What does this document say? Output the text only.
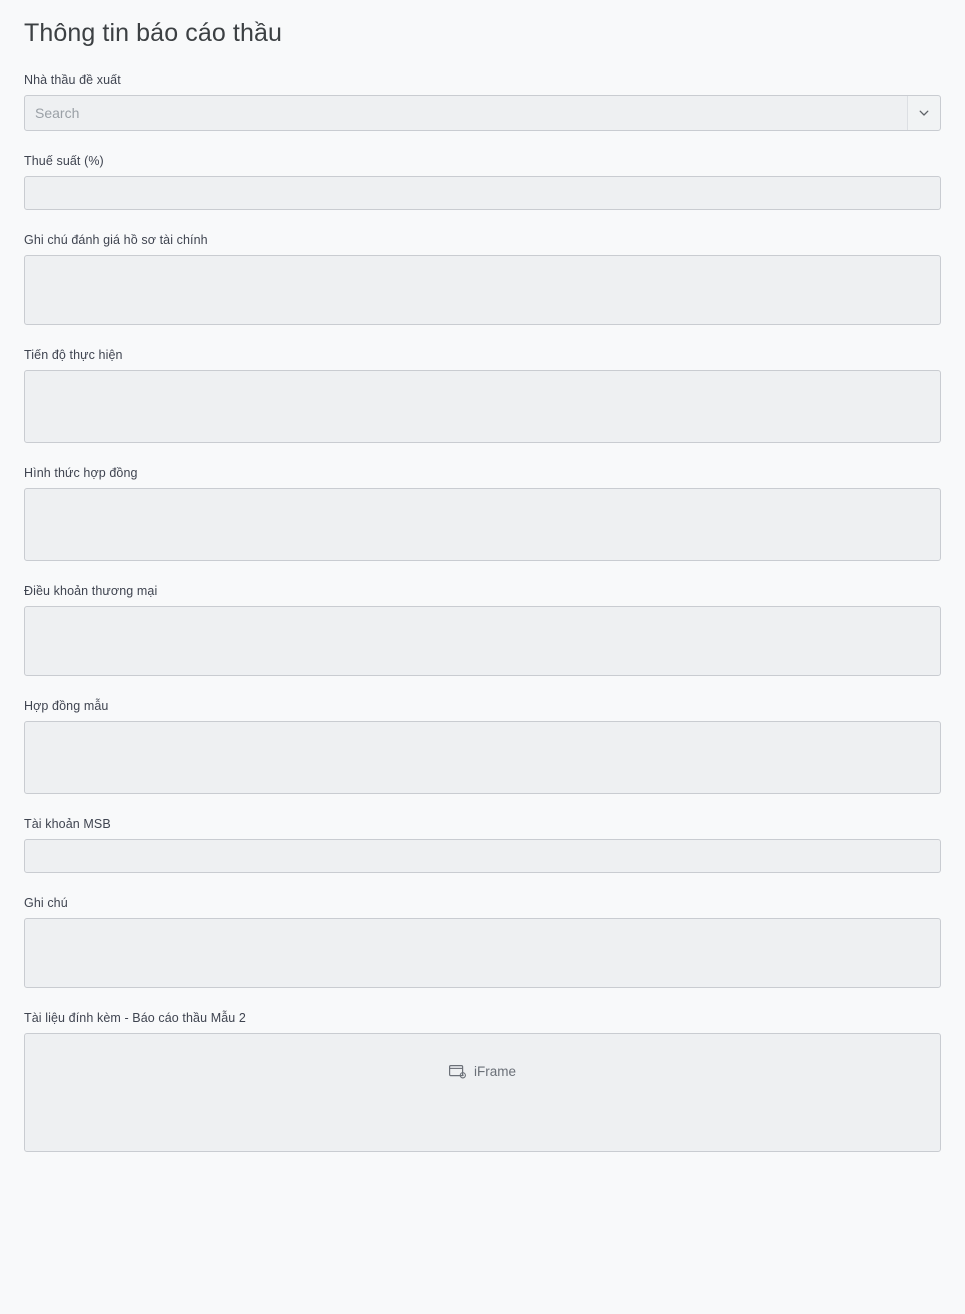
Thông tin báo cáo thầu
Nhà thầu đề xuất
Search
Thuế suất (%)
Ghi chú đánh giá hồ sơ tài chính
Tiến độ thực hiện
Hình thức hợp đồng
Điều khoản thương mại
Hợp đồng mẫu
Tài khoản MSB
Ghi chú
Tài liệu đính kèm - Báo cáo thầu Mẫu 2
iFrame
